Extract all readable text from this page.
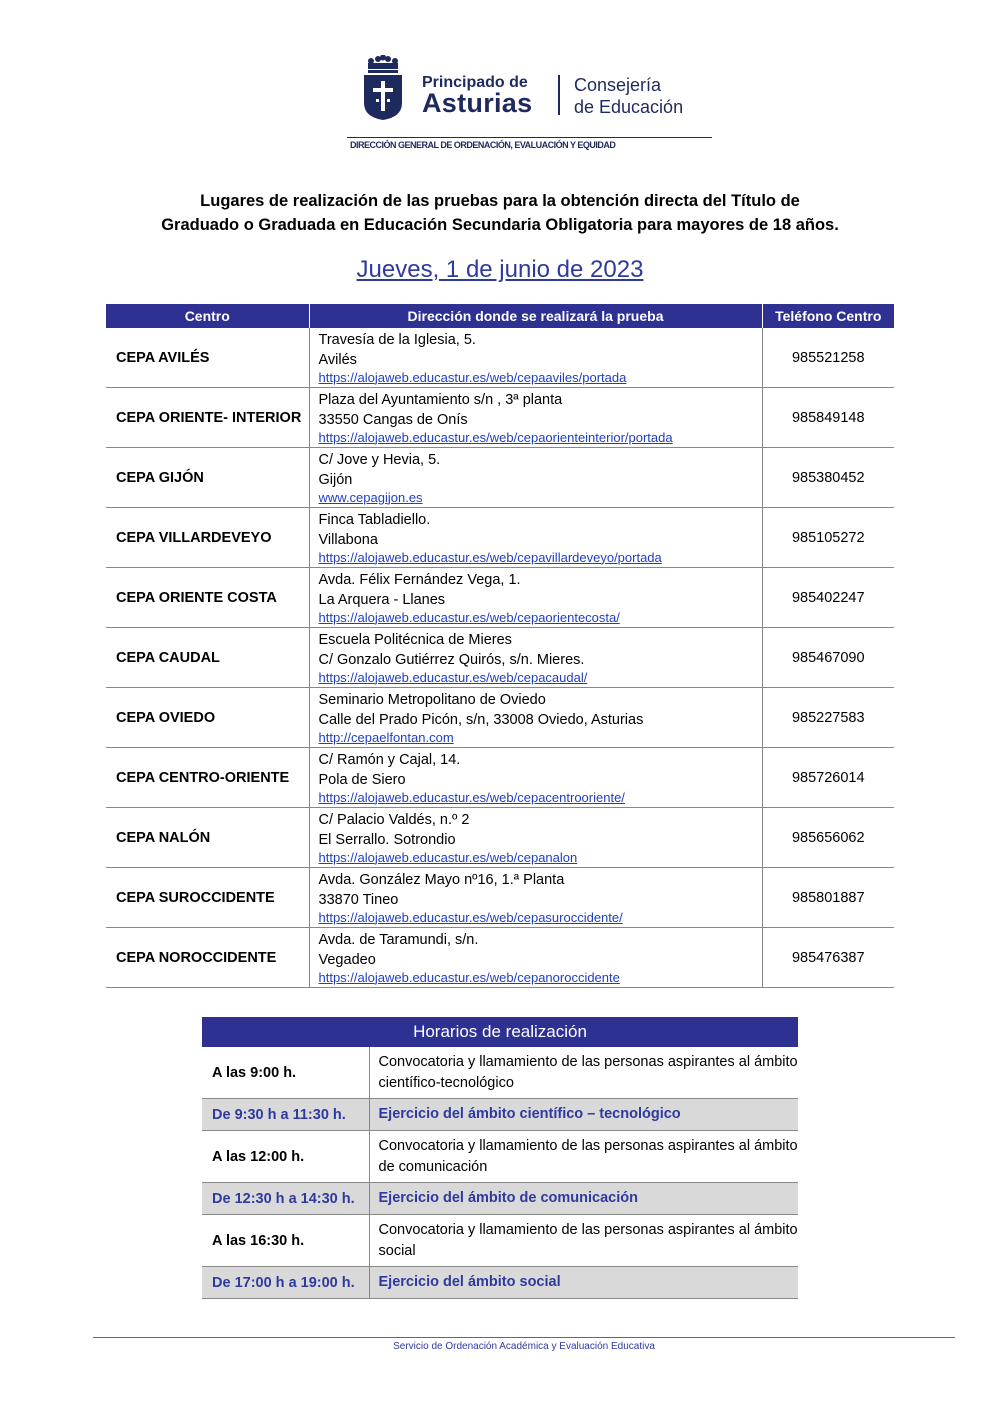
Principado de
Asturias
Consejería
de Educación
DIRECCIÓN GENERAL DE ORDENACIÓN, EVALUACIÓN Y EQUIDAD
Lugares de realización de las pruebas para la obtención directa del Título de
Graduado o Graduada en Educación Secundaria Obligatoria para mayores de 18 años.
Jueves, 1 de junio de 2023
Centro	Dirección donde se realizará la prueba	Teléfono Centro
CEPA AVILÉS	Travesía de la Iglesia, 5.
Avilés
https://alojaweb.educastur.es/web/cepaaviles/portada	985521258
CEPA ORIENTE- INTERIOR	Plaza del Ayuntamiento s/n , 3ª planta
33550 Cangas de Onís
https://alojaweb.educastur.es/web/cepaorienteinterior/portada	985849148
CEPA GIJÓN	C/ Jove y Hevia, 5.
Gijón
www.cepagijon.es	985380452
CEPA VILLARDEVEYO	Finca Tabladiello.
Villabona
https://alojaweb.educastur.es/web/cepavillardeveyo/portada	985105272
CEPA ORIENTE COSTA	Avda. Félix Fernández Vega, 1.
La Arquera - Llanes
https://alojaweb.educastur.es/web/cepaorientecosta/	985402247
CEPA CAUDAL	Escuela Politécnica de Mieres
C/ Gonzalo Gutiérrez Quirós, s/n. Mieres.
https://alojaweb.educastur.es/web/cepacaudal/	985467090
CEPA OVIEDO	Seminario Metropolitano de Oviedo
Calle del Prado Picón, s/n, 33008 Oviedo, Asturias
http://cepaelfontan.com	985227583
CEPA CENTRO-ORIENTE	C/ Ramón y Cajal, 14.
Pola de Siero
https://alojaweb.educastur.es/web/cepacentrooriente/	985726014
CEPA NALÓN	C/ Palacio Valdés, n.º 2
El Serrallo. Sotrondio
https://alojaweb.educastur.es/web/cepanalon	985656062
CEPA SUROCCIDENTE	Avda. González Mayo nº16, 1.ª Planta
33870 Tineo
https://alojaweb.educastur.es/web/cepasuroccidente/	985801887
CEPA NOROCCIDENTE	Avda. de Taramundi, s/n.
Vegadeo
https://alojaweb.educastur.es/web/cepanoroccidente	985476387
Horarios de realización	
A las 9:00 h.	Convocatoria y llamamiento de las personas aspirantes al ámbito científico-tecnológico
De 9:30 h a 11:30 h.	Ejercicio del ámbito científico – tecnológico
A las 12:00 h.	Convocatoria y llamamiento de las personas aspirantes al ámbito de comunicación
De 12:30 h a 14:30 h.	Ejercicio del ámbito de comunicación
A las 16:30 h.	Convocatoria y llamamiento de las personas aspirantes al ámbito social
De 17:00 h a 19:00 h.	Ejercicio del ámbito social
Servicio de Ordenación Académica y Evaluación Educativa
